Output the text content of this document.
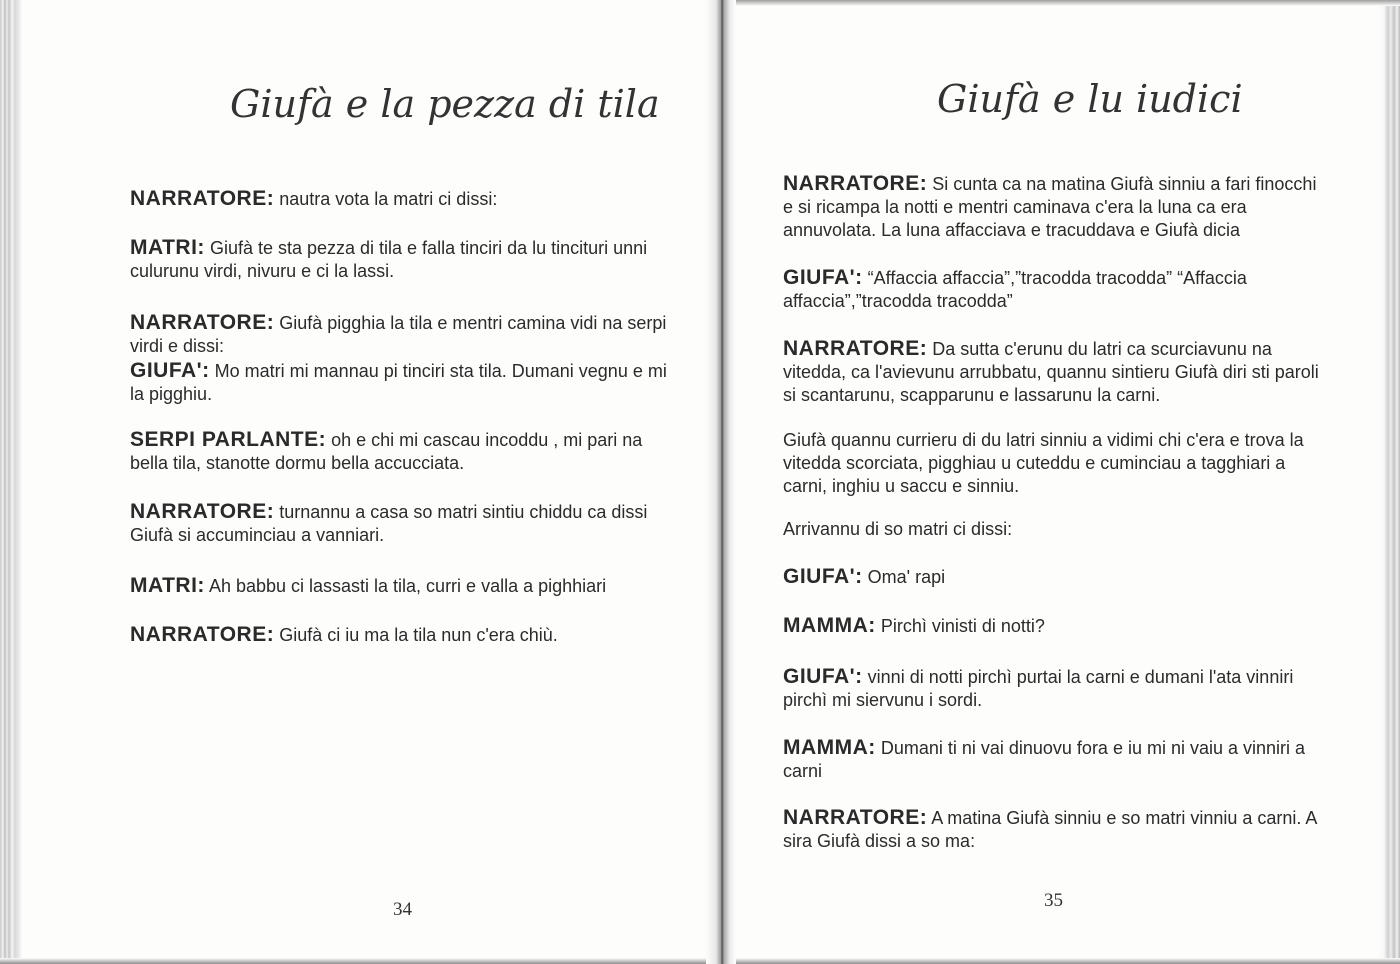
Giufà e la pezza di tila
NARRATORE: nautra vota la matri ci dissi:
MATRI: Giufà te sta pezza di tila e falla tinciri da lu tincituri unni culurunu virdi, nivuru e ci la lassi.
NARRATORE: Giufà pigghia la tila e mentri camina vidi na serpi virdi e dissi:
GIUFA': Mo matri mi mannau pi tinciri sta tila. Dumani vegnu e mi la pigghiu.
SERPI PARLANTE: oh e chi mi cascau incoddu , mi pari na bella tila, stanotte dormu bella accucciata.
NARRATORE: turnannu a casa so matri sintiu chiddu ca dissi Giufà si accuminciau a vanniari.
MATRI: Ah babbu ci lassasti la tila, curri e valla a pighhiari
NARRATORE: Giufà ci iu ma la tila nun c'era chiù.
34
Giufà e lu iudici
NARRATORE: Si cunta ca na matina Giufà sinniu a fari finocchi e si ricampa la notti e mentri caminava c'era la luna ca era annuvolata. La luna affacciava e tracuddava e Giufà dicia
GIUFA': “Affaccia affaccia”,”tracodda tracodda” “Affaccia affaccia”,”tracodda tracodda”
NARRATORE: Da sutta c'erunu du latri ca scurciavunu na vitedda, ca l'avievunu arrubbatu, quannu sintieru Giufà diri sti paroli si scantarunu, scapparunu e lassarunu la carni.
Giufà quannu currieru di du latri sinniu a vidimi chi c'era e trova la vitedda scorciata, pigghiau u cuteddu e cuminciau a tagghiari a carni, inghiu u saccu e sinniu.
Arrivannu di so matri ci dissi:
GIUFA': Oma' rapi
MAMMA: Pirchì vinisti di notti?
GIUFA': vinni di notti pirchì purtai la carni e dumani l'ata vinniri pirchì mi siervunu i sordi.
MAMMA: Dumani ti ni vai dinuovu fora e iu mi ni vaiu a vinniri a carni
NARRATORE: A matina Giufà sinniu e so matri vinniu a carni. A sira Giufà dissi a so ma:
35
